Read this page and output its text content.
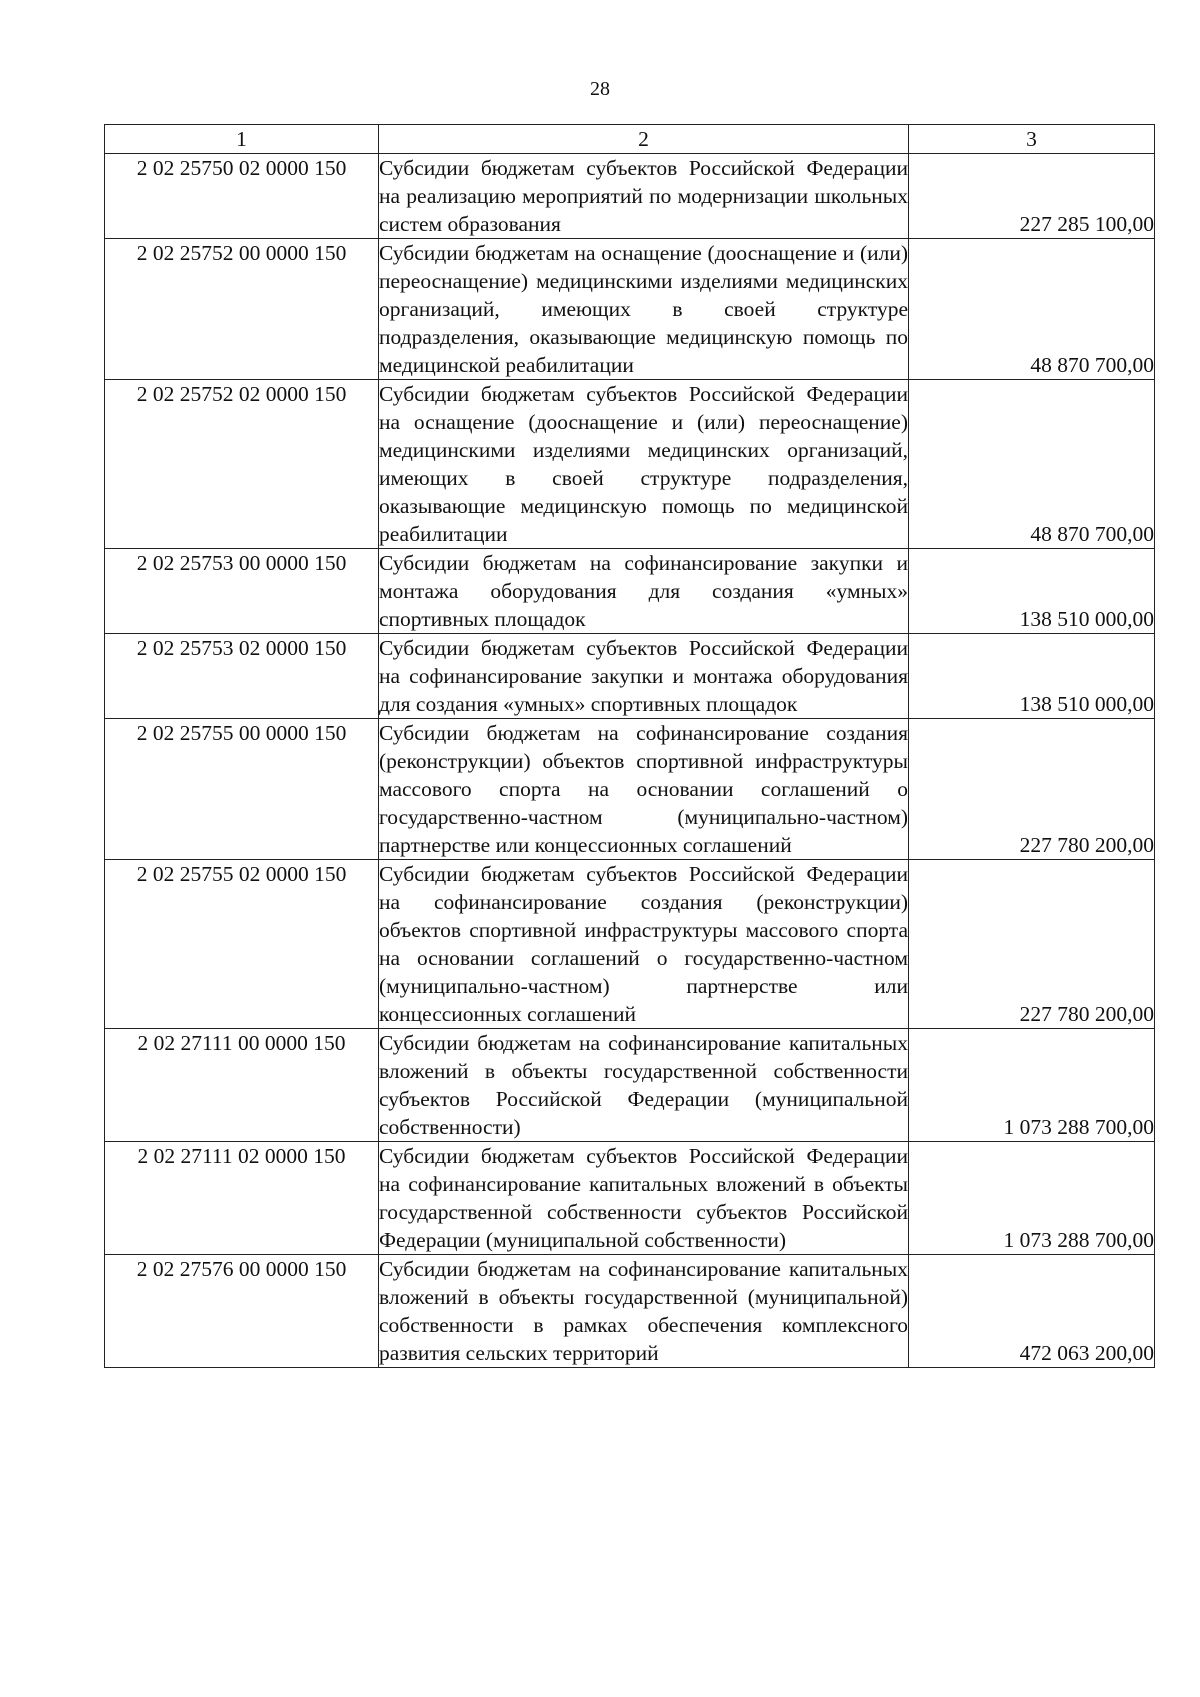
28
1	2	3
2 02 25750 02 0000 150	Субсидии бюджетам субъектов Российской Федерации на реализацию мероприятий по модернизации школьных систем образования	227 285 100,00
2 02 25752 00 0000 150	Субсидии бюджетам на оснащение (дооснащение и (или) переоснащение) медицинскими изделиями медицинских организаций, имеющих в своей структуре подразделения, оказывающие медицинскую помощь по медицинской реабилитации	48 870 700,00
2 02 25752 02 0000 150	Субсидии бюджетам субъектов Российской Федерации на оснащение (дооснащение и (или) переоснащение) медицинскими изделиями медицинских организаций, имеющих в своей структуре подразделения, оказывающие медицинскую помощь по медицинской реабилитации	48 870 700,00
2 02 25753 00 0000 150	Субсидии бюджетам на софинансирование закупки и монтажа оборудования для создания «умных» спортивных площадок	138 510 000,00
2 02 25753 02 0000 150	Субсидии бюджетам субъектов Российской Федерации на софинансирование закупки и монтажа оборудования для создания «умных» спортивных площадок	138 510 000,00
2 02 25755 00 0000 150	Субсидии бюджетам на софинансирование создания (реконструкции) объектов спортивной инфраструктуры массового спорта на основании соглашений о государственно-частном (муниципально-частном) партнерстве или концессионных соглашений	227 780 200,00
2 02 25755 02 0000 150	Субсидии бюджетам субъектов Российской Федерации на софинансирование создания (реконструкции) объектов спортивной инфраструктуры массового спорта на основании соглашений о государственно-частном (муниципально-частном) партнерстве или концессионных соглашений	227 780 200,00
2 02 27111 00 0000 150	Субсидии бюджетам на софинансирование капитальных вложений в объекты государственной собственности субъектов Российской Федерации (муниципальной собственности)	1 073 288 700,00
2 02 27111 02 0000 150	Субсидии бюджетам субъектов Российской Федерации на софинансирование капитальных вложений в объекты государственной собственности субъектов Российской Федерации (муниципальной собственности)	1 073 288 700,00
2 02 27576 00 0000 150	Субсидии бюджетам на софинансирование капитальных вложений в объекты государственной (муниципальной) собственности в рамках обеспечения комплексного развития сельских территорий	472 063 200,00
